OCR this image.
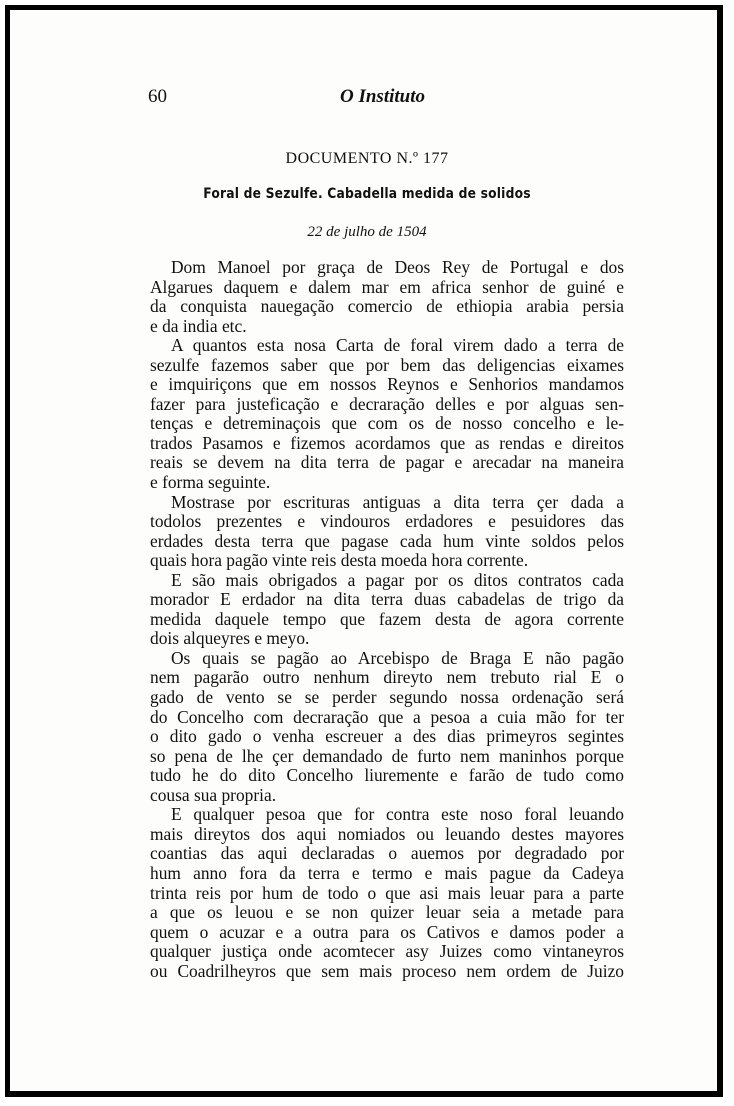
60	O Instituto
DOCUMENTO N.º 177
Foral de Sezulfe. Cabadella medida de solidos
22 de julho de 1504
Dom Manoel por graça de Deos Rey de Portugal e dos
Algarues daquem e dalem mar em africa senhor de guiné e
da conquista nauegação comercio de ethiopia arabia persia
e da india etc.
A quantos esta nosa Carta de foral virem dado a terra de
sezulfe fazemos saber que por bem das deligencias eixames
e imquiriçons que em nossos Reynos e Senhorios mandamos
fazer para justeficação e decraração delles e por alguas sen-
tenças e detreminaçois que com os de nosso concelho e le-
trados Pasamos e fizemos acordamos que as rendas e direitos
reais se devem na dita terra de pagar e arecadar na maneira
e forma seguinte.
Mostrase por escrituras antiguas a dita terra çer dada a
todolos prezentes e vindouros erdadores e pesuidores das
erdades desta terra que pagase cada hum vinte soldos pelos
quais hora pagão vinte reis desta moeda hora corrente.
E são mais obrigados a pagar por os ditos contratos cada
morador E erdador na dita terra duas cabadelas de trigo da
medida daquele tempo que fazem desta de agora corrente
dois alqueyres e meyo.
Os quais se pagão ao Arcebispo de Braga E não pagão
nem pagarão outro nenhum direyto nem trebuto rial E o
gado de vento se se perder segundo nossa ordenação será
do Concelho com decraração que a pesoa a cuia mão for ter
o dito gado o venha escreuer a des dias primeyros segintes
so pena de lhe çer demandado de furto nem maninhos porque
tudo he do dito Concelho liuremente e farão de tudo como
cousa sua propria.
E qualquer pesoa que for contra este noso foral leuando
mais direytos dos aqui nomiados ou leuando destes mayores
coantias das aqui declaradas o auemos por degradado por
hum anno fora da terra e termo e mais pague da Cadeya
trinta reis por hum de todo o que asi mais leuar para a parte
a que os leuou e se non quizer leuar seia a metade para
quem o acuzar e a outra para os Cativos e damos poder a
qualquer justiça onde acomtecer asy Juizes como vintaneyros
ou Coadrilheyros que sem mais proceso nem ordem de Juizo
